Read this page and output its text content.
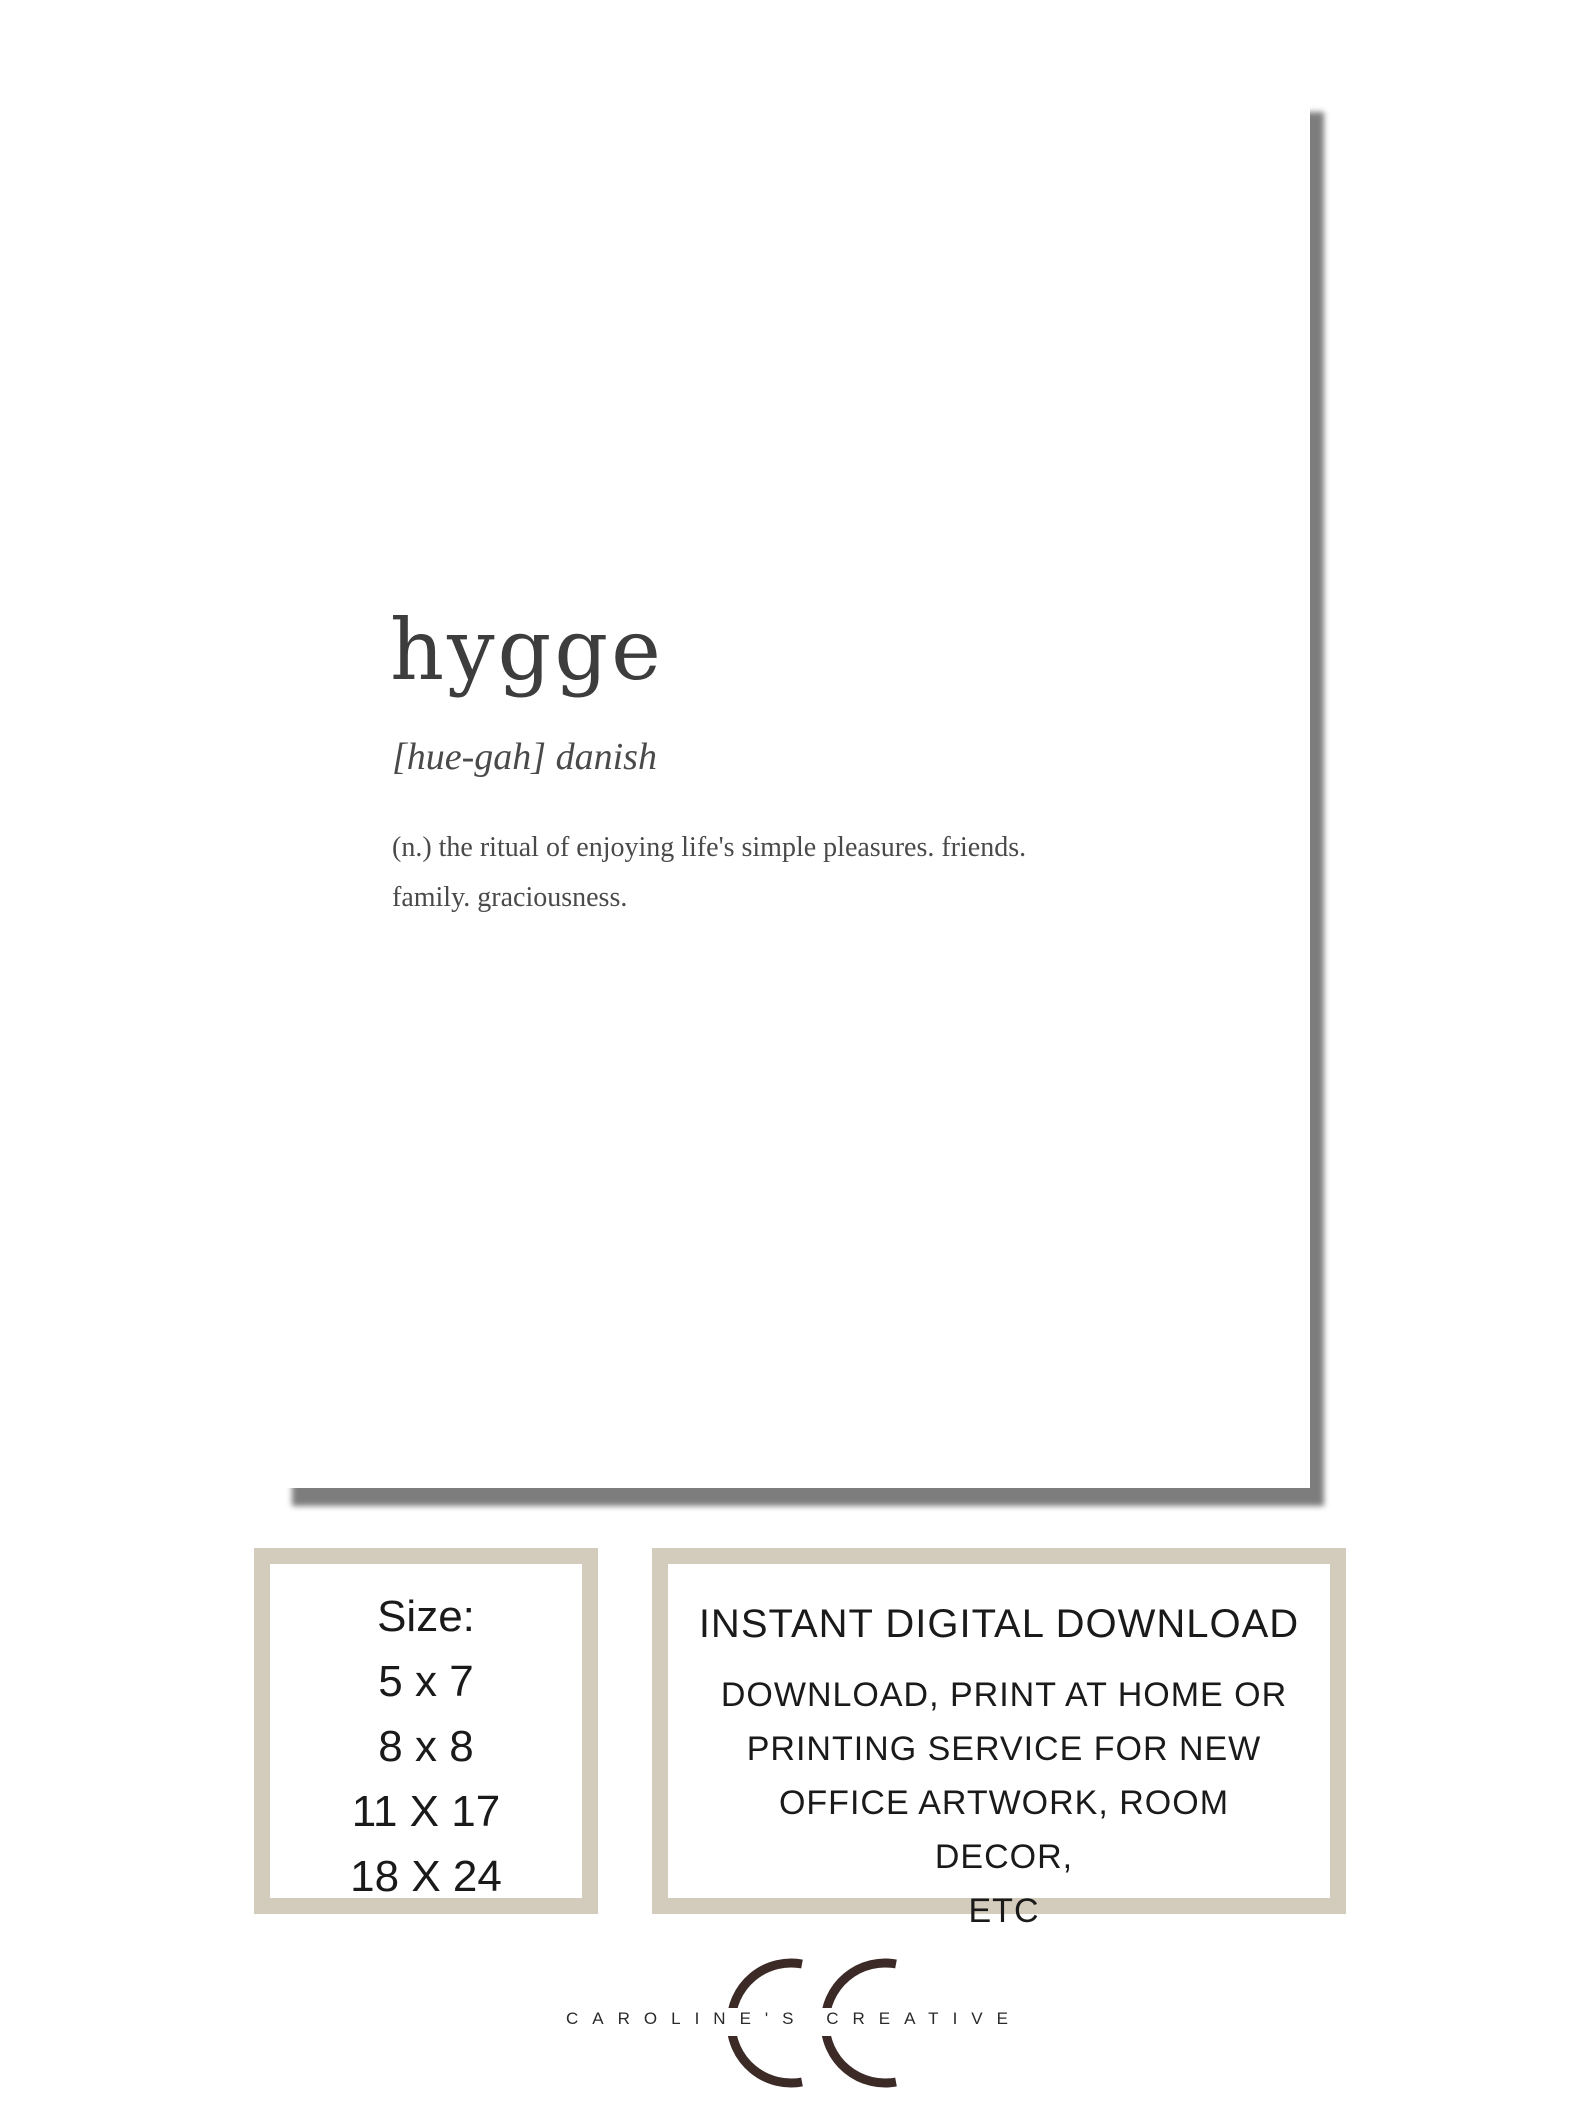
hygge
[hue-gah] danish
(n.) the ritual of enjoying life's simple pleasures. friends.
family. graciousness.
Size:
5 x 7
8 x 8
11 X 17
18 X 24
INSTANT DIGITAL DOWNLOAD
DOWNLOAD, PRINT AT HOME OR
PRINTING SERVICE FOR NEW
OFFICE ARTWORK, ROOM DECOR,
ETC
CAROLINE'S CREATIVE
